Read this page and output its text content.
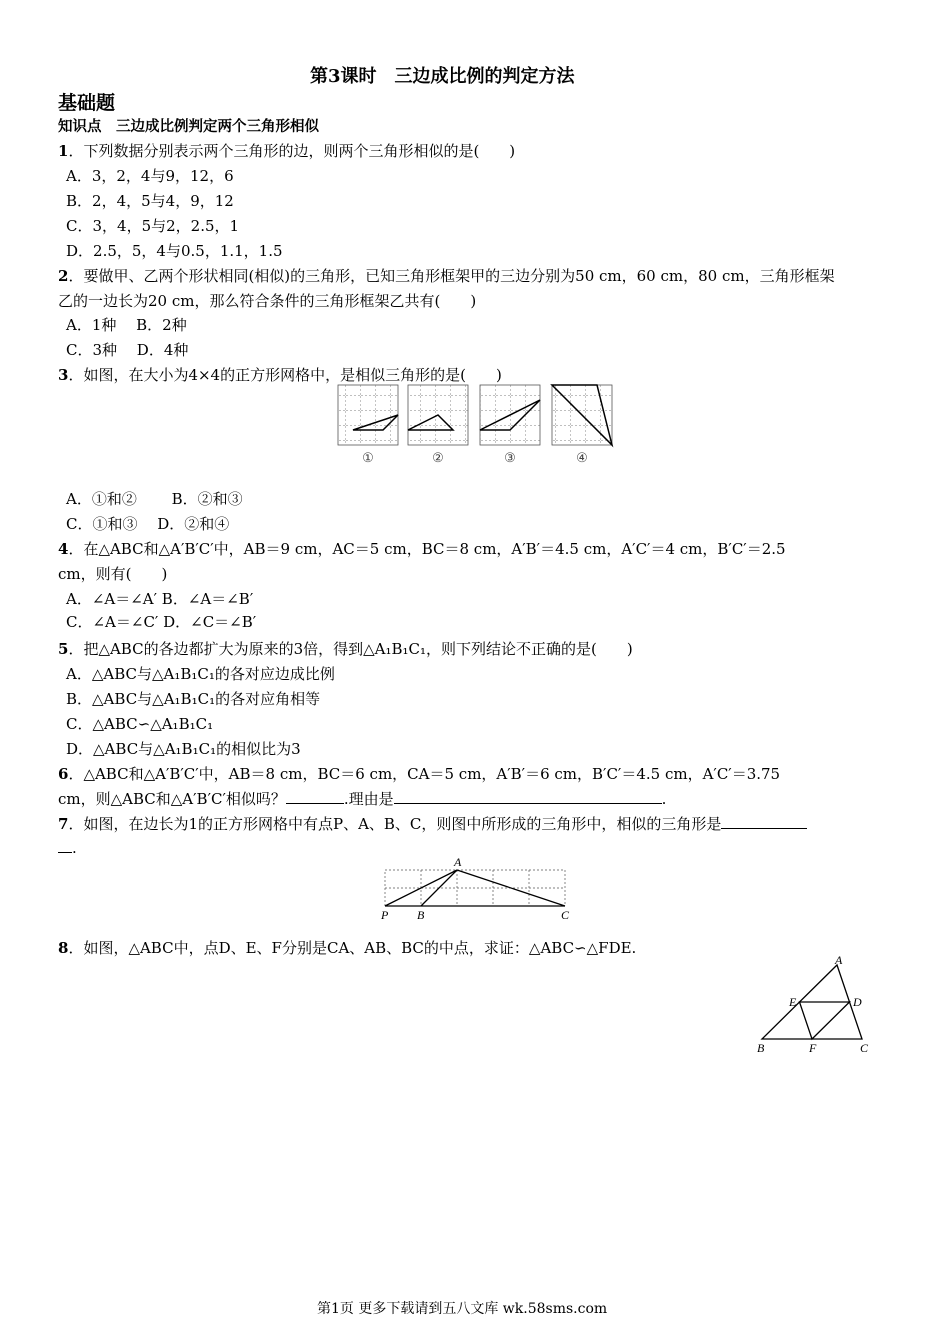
第3课时　三边成比例的判定方法
基础题
知识点　三边成比例判定两个三角形相似
1．下列数据分别表示两个三角形的边，则两个三角形相似的是(　　)
A．3，2，4与9，12，6
B．2，4，5与4，9，12
C．3，4，5与2，2.5，1
D．2.5，5，4与0.5，1.1，1.5
2．要做甲、乙两个形状相同(相似)的三角形，已知三角形框架甲的三边分别为50 cm，60 cm，80 cm，三角形框架
乙的一边长为20 cm，那么符合条件的三角形框架乙共有(　　)
A．1种　 B．2种
C．3种　 D．4种
3．如图，在大小为4×4的正方形网格中，是相似三角形的是(　　)
①	②	③	④
A．①和②　　 B．②和③
C．①和③　 D．②和④
4．在△ABC和△A′B′C′中，AB＝9 cm，AC＝5 cm，BC＝8 cm，A′B′＝4.5 cm，A′C′＝4 cm，B′C′＝2.5
cm，则有(　　)
A．∠A＝∠A′ B．∠A＝∠B′
C．∠A＝∠C′ D．∠C＝∠B′
5．把△ABC的各边都扩大为原来的3倍，得到△A₁B₁C₁，则下列结论不正确的是(　　)
A．△ABC与△A₁B₁C₁的各对应边成比例
B．△ABC与△A₁B₁C₁的各对应角相等
C．△ABC∽△A₁B₁C₁
D．△ABC与△A₁B₁C₁的相似比为3
6．△ABC和△A′B′C′中，AB＝8 cm，BC＝6 cm，CA＝5 cm，A′B′＝6 cm，B′C′＝4.5 cm，A′C′＝3.75
cm，则△ABC和△A′B′C′相似吗？	.理由是	.
7．如图，在边长为1的正方形网格中有点P、A、B、C，则图中所形成的三角形中，相似的三角形是
.
A
P B	C
8．如图，△ABC中，点D、E、F分别是CA、AB、BC的中点，求证：△ABC∽△FDE.
A
E	D
B	F	C
第1页 更多下载请到五八文库 wk.58sms.com
